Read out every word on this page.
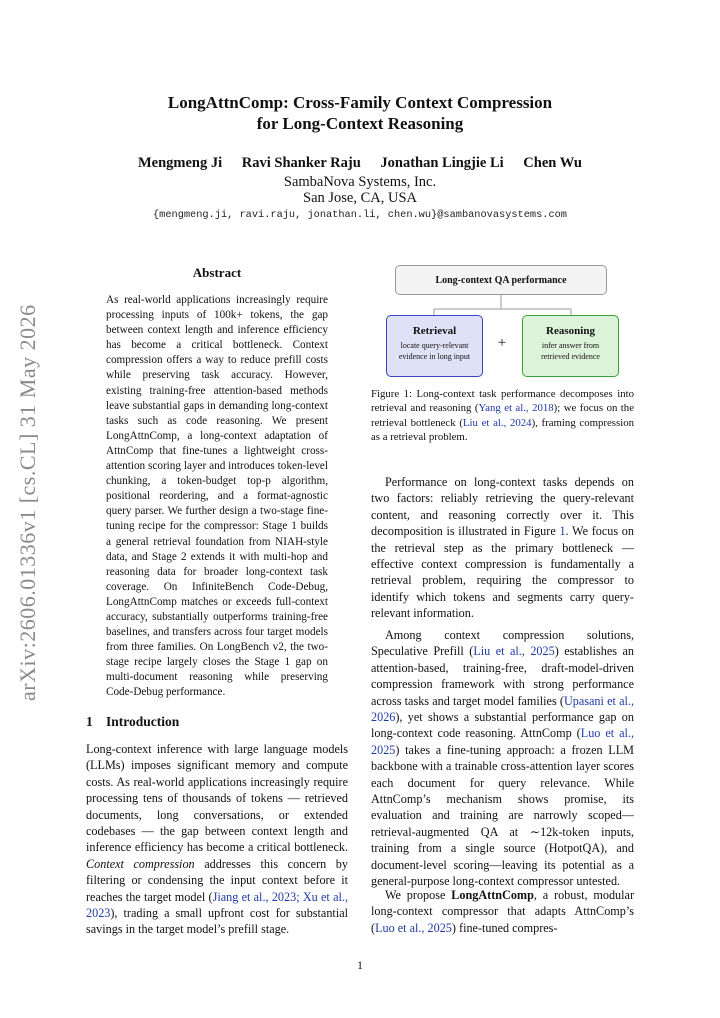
arXiv:2606.01336v1 [cs.CL] 31 May 2026
LongAttnComp: Cross-Family Context Compression
for Long-Context Reasoning
Mengmeng Ji Ravi Shanker Raju Jonathan Lingjie Li Chen Wu
SambaNova Systems, Inc.
San Jose, CA, USA
{mengmeng.ji, ravi.raju, jonathan.li, chen.wu}@sambanovasystems.com
Abstract
As real-world applications increasingly require processing inputs of 100k+ tokens, the gap between context length and inference efficiency has become a critical bottleneck. Context compression offers a way to reduce prefill costs while preserving task accuracy. However, existing training-free attention-based methods leave substantial gaps in demanding long-context tasks such as code reasoning. We present LongAttnComp, a long-context adaptation of AttnComp that fine-tunes a lightweight cross-attention scoring layer and introduces token-level chunking, a token-budget top-p algorithm, positional reordering, and a format-agnostic query parser. We further design a two-stage fine-tuning recipe for the compressor: Stage 1 builds a general retrieval foundation from NIAH-style data, and Stage 2 extends it with multi-hop and reasoning data for broader long-context task coverage. On InfiniteBench Code-Debug, LongAttnComp matches or exceeds full-context accuracy, substantially outperforms training-free baselines, and transfers across four target models from three families. On LongBench v2, the two-stage recipe largely closes the Stage 1 gap on multi-document reasoning while preserving Code-Debug performance.
1 Introduction
Long-context inference with large language models (LLMs) imposes significant memory and compute costs. As real-world applications increasingly require processing tens of thousands of tokens — retrieved documents, long conversations, or extended codebases — the gap between context length and inference efficiency has become a critical bottleneck. Context compression addresses this concern by filtering or condensing the input context before it reaches the target model (Jiang et al., 2023; Xu et al., 2023), trading a small upfront cost for substantial savings in the target model’s prefill stage.
Long-context QA performance
Retrieval
locate query-relevant
evidence in long input
+
Reasoning
infer answer from
retrieved evidence
Figure 1: Long-context task performance decomposes into retrieval and reasoning (Yang et al., 2018); we focus on the retrieval bottleneck (Liu et al., 2024), framing compression as a retrieval problem.
Performance on long-context tasks depends on two factors: reliably retrieving the query-relevant content, and reasoning correctly over it. This decomposition is illustrated in Figure 1. We focus on the retrieval step as the primary bottleneck — effective context compression is fundamentally a retrieval problem, requiring the compressor to identify which tokens and segments carry query-relevant information.
Among context compression solutions, Speculative Prefill (Liu et al., 2025) establishes an attention-based, training-free, draft-model-driven compression framework with strong performance across tasks and target model families (Upasani et al., 2026), yet shows a substantial performance gap on long-context code reasoning. AttnComp (Luo et al., 2025) takes a fine-tuning approach: a frozen LLM backbone with a trainable cross-attention layer scores each document for query relevance. While AttnComp’s mechanism shows promise, its evaluation and training are narrowly scoped—retrieval-augmented QA at ∼12k-token inputs, training from a single source (HotpotQA), and document-level scoring—leaving its potential as a general-purpose long-context compressor untested.
We propose LongAttnComp, a robust, modular long-context compressor that adapts AttnComp’s (Luo et al., 2025) fine-tuned compres-
1
